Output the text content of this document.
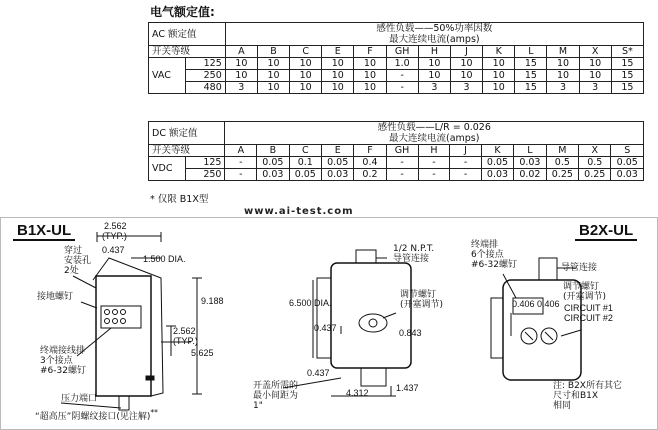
电气额定值:
AC 额定值		感性负载——50%功率因数												
		最大连续电流(amps)												
开关等级		A	B	C	E	F	GH	H	J	K	L	M	X	S*
VAC	125	10	10	10	10	10	1.0	10	10	10	15	10	10	15
	250	10	10	10	10	10	-	10	10	10	15	10	10	15
	480	3	10	10	10	10	-	3	3	10	15	3	3	15
DC 额定值		感性负载——L/R = 0.026												
		最大连续电流(amps)												
开关等级		A	B	C	E	F	GH	H	J	K	L	M	X	S
VDC	125	-	0.05	0.1	0.05	0.4	-	-	-	0.05	0.03	0.5	0.5	0.05
	250	-	0.03	0.05	0.03	0.2	-	-	-	0.03	0.02	0.25	0.25	0.03
* 仅限 B1X型
www.ai-test.com
B1X-UL	B2X-UL
2.562
(TYP.)
0.437
1.500 DIA.
穿过
安装孔
2处
接地螺钉	9.188
2.562
(TYP.)
5.625
终端接线排
3个接点
#6-32螺钉
压力端口
“超高压”阴螺纹接口(见注解)**
1/2 N.P.T.
导管连接
6.500 DIA.
调节螺钉
(开塞调节)
0.437	0.843
0.437
4.312	1.437
开盖所需的
最小间距为
1"
终端排
6个接点
#6-32螺钉	导管连接
调节螺钉
(开塞调节)
0.406 0.406 CIRCUIT #1
CIRCUIT #2
注: B2X所有其它
尺寸和B1X
相同
